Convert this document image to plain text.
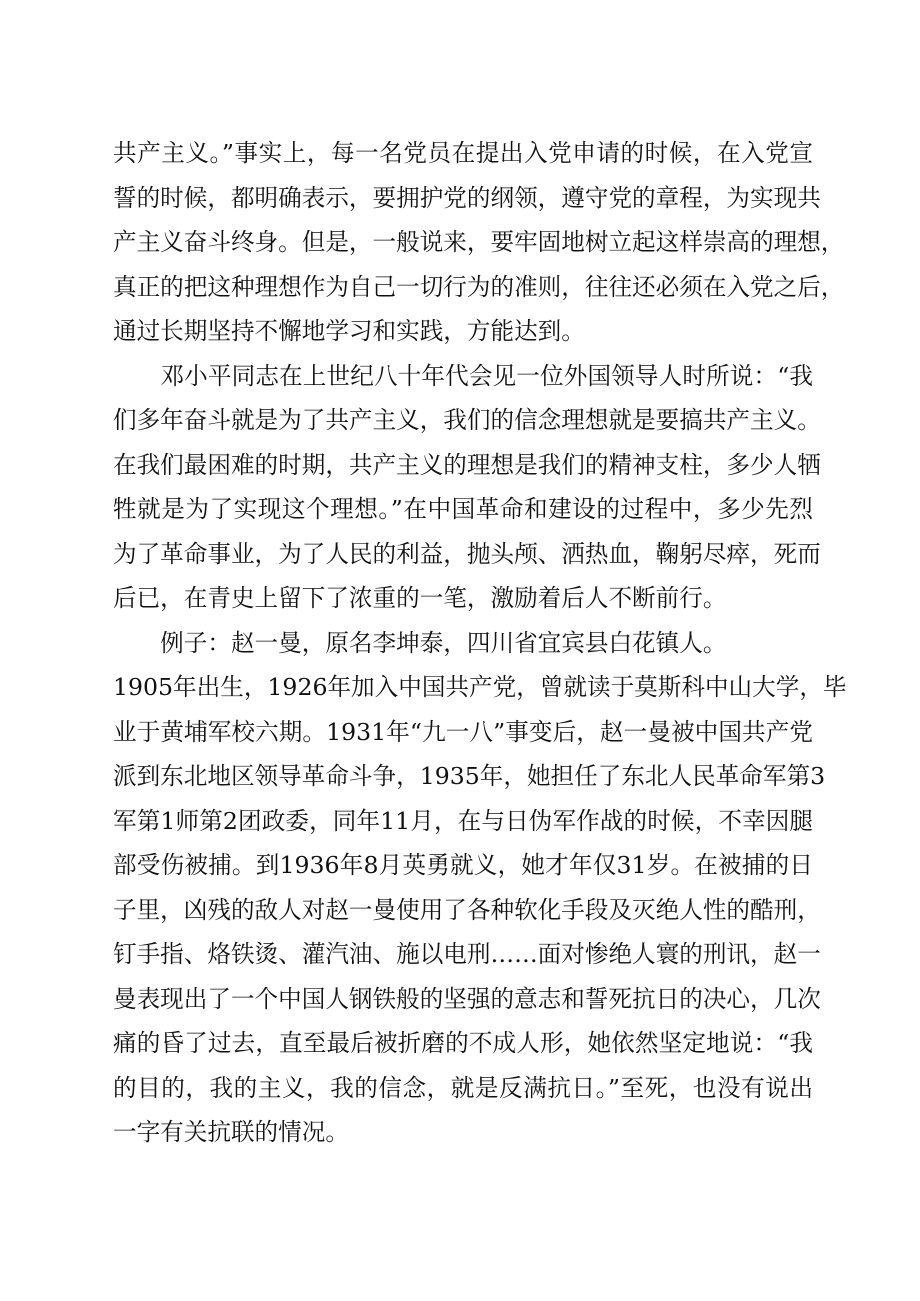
共产主义。”事实上，每一名党员在提出入党申请的时候，在入党宣
誓的时候，都明确表示，要拥护党的纲领，遵守党的章程，为实现共
产主义奋斗终身。但是，一般说来，要牢固地树立起这样崇高的理想，
真正的把这种理想作为自己一切行为的准则，往往还必须在入党之后，
通过长期坚持不懈地学习和实践，方能达到。
　　邓小平同志在上世纪八十年代会见一位外国领导人时所说：“我
们多年奋斗就是为了共产主义，我们的信念理想就是要搞共产主义。
在我们最困难的时期，共产主义的理想是我们的精神支柱，多少人牺
牲就是为了实现这个理想。”在中国革命和建设的过程中，多少先烈
为了革命事业，为了人民的利益，抛头颅、洒热血，鞠躬尽瘁，死而
后已，在青史上留下了浓重的一笔，激励着后人不断前行。
　　例子：赵一曼，原名李坤泰，四川省宜宾县白花镇人。
1905年出生，1926年加入中国共产党，曾就读于莫斯科中山大学，毕
业于黄埔军校六期。1931年“九一八”事变后，赵一曼被中国共产党
派到东北地区领导革命斗争，1935年，她担任了东北人民革命军第3
军第1师第2团政委，同年11月，在与日伪军作战的时候，不幸因腿
部受伤被捕。到1936年8月英勇就义，她才年仅31岁。在被捕的日
子里，凶残的敌人对赵一曼使用了各种软化手段及灭绝人性的酷刑，
钉手指、烙铁烫、灌汽油、施以电刑……面对惨绝人寰的刑讯，赵一
曼表现出了一个中国人钢铁般的坚强的意志和誓死抗日的决心，几次
痛的昏了过去，直至最后被折磨的不成人形，她依然坚定地说：“我
的目的，我的主义，我的信念，就是反满抗日。”至死，也没有说出
一字有关抗联的情况。
